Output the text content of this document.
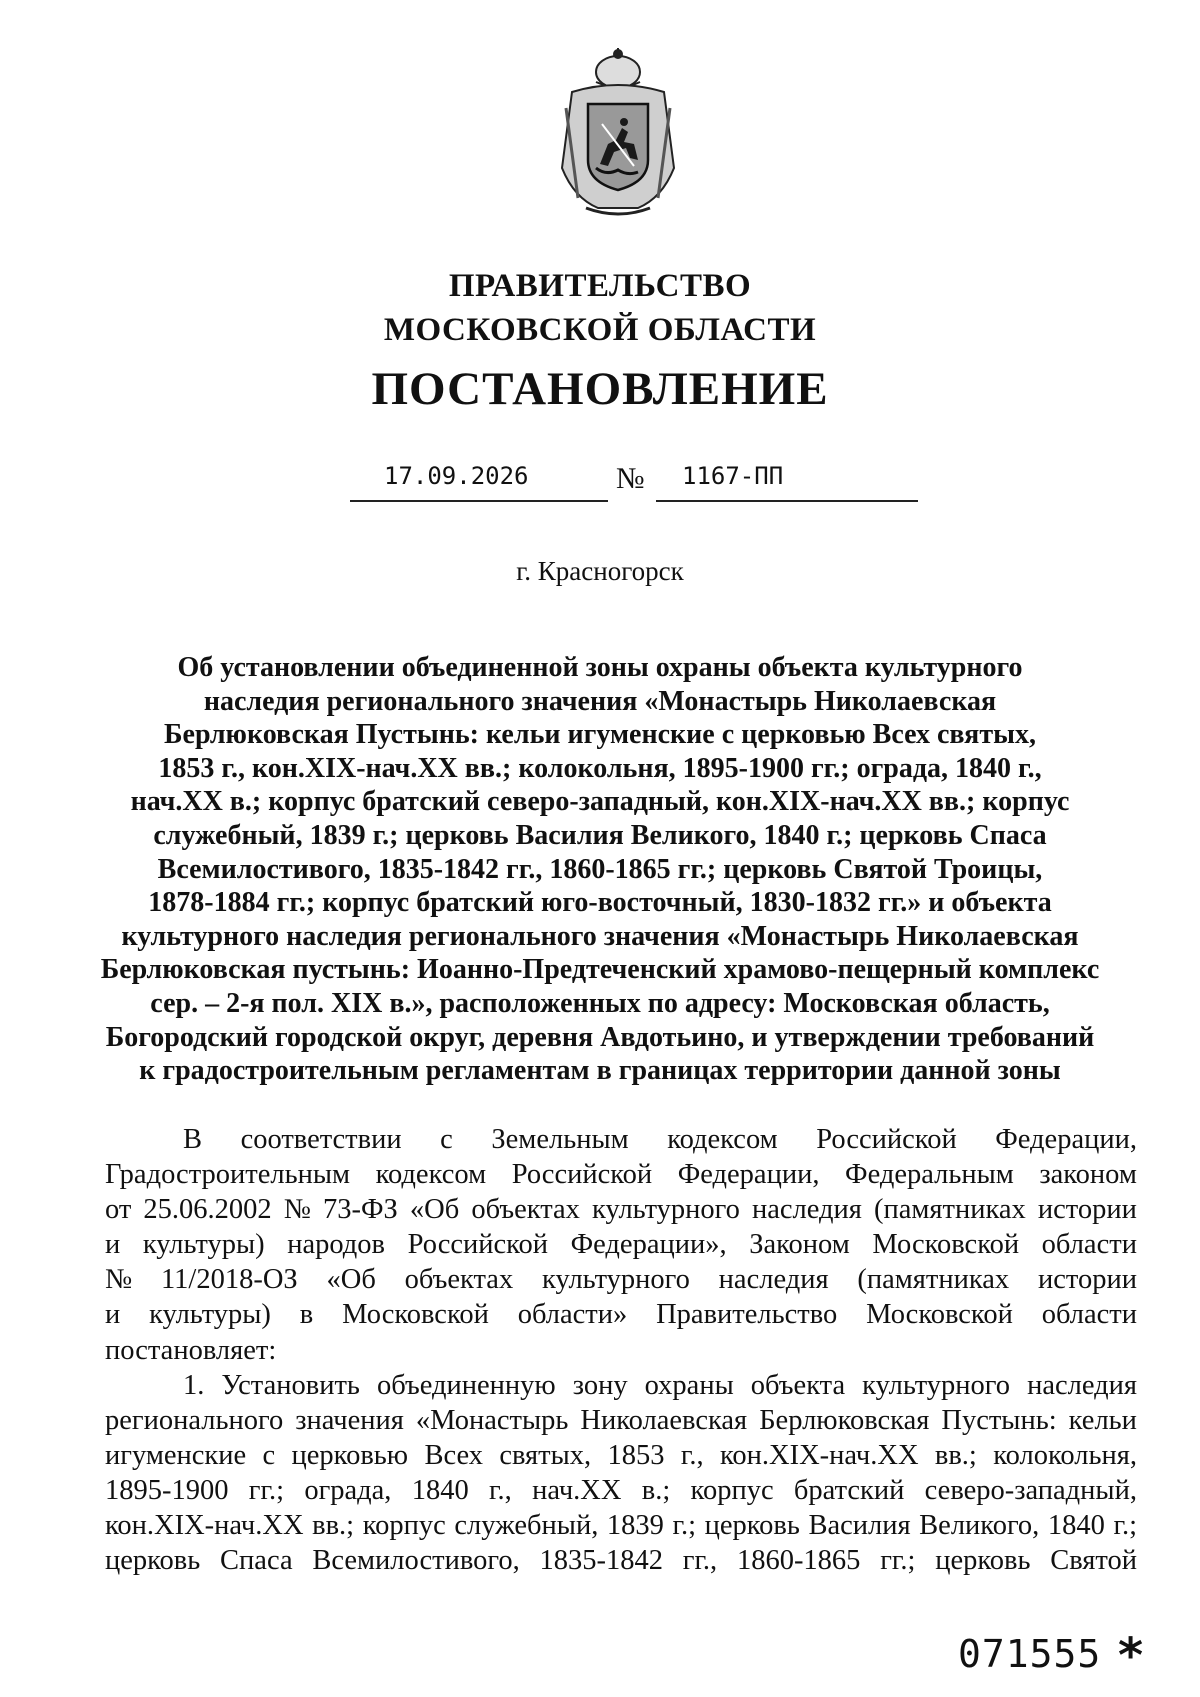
ПРАВИТЕЛЬСТВО
МОСКОВСКОЙ ОБЛАСТИ
ПОСТАНОВЛЕНИЕ
17.09.2026	№ 1167-ПП
г. Красногорск
Об установлении объединенной зоны охраны объекта культурного
наследия регионального значения «Монастырь Николаевская
Берлюковская Пустынь: кельи игуменские с церковью Всех святых,
1853 г., кон.XIX-нач.XX вв.; колокольня, 1895-1900 гг.; ограда, 1840 г.,
нач.XX в.; корпус братский северо-западный, кон.XIX-нач.XX вв.; корпус
служебный, 1839 г.; церковь Василия Великого, 1840 г.; церковь Спаса
Всемилостивого, 1835-1842 гг., 1860-1865 гг.; церковь Святой Троицы,
1878-1884 гг.; корпус братский юго-восточный, 1830-1832 гг.» и объекта
культурного наследия регионального значения «Монастырь Николаевская
Берлюковская пустынь: Иоанно-Предтеченский храмово-пещерный комплекс
сер. – 2-я пол. XIX в.», расположенных по адресу: Московская область,
Богородский городской округ, деревня Авдотьино, и утверждении требований
к градостроительным регламентам в границах территории данной зоны
В соответствии с Земельным кодексом Российской Федерации,
Градостроительным кодексом Российской Федерации, Федеральным законом
от 25.06.2002 № 73-ФЗ «Об объектах культурного наследия (памятниках истории
и культуры) народов Российской Федерации», Законом Московской области
№ 11/2018-ОЗ «Об объектах культурного наследия (памятниках истории
и культуры) в Московской области» Правительство Московской области
постановляет:
1. Установить объединенную зону охраны объекта культурного наследия
регионального значения «Монастырь Николаевская Берлюковская Пустынь: кельи
игуменские с церковью Всех святых, 1853 г., кон.XIX-нач.XX вв.; колокольня,
1895-1900 гг.; ограда, 1840 г., нач.XX в.; корпус братский северо-западный,
кон.XIX-нач.XX вв.; корпус служебный, 1839 г.; церковь Василия Великого, 1840 г.;
церковь Спаса Всемилостивого, 1835-1842 гг., 1860-1865 гг.; церковь Святой
071555 *
